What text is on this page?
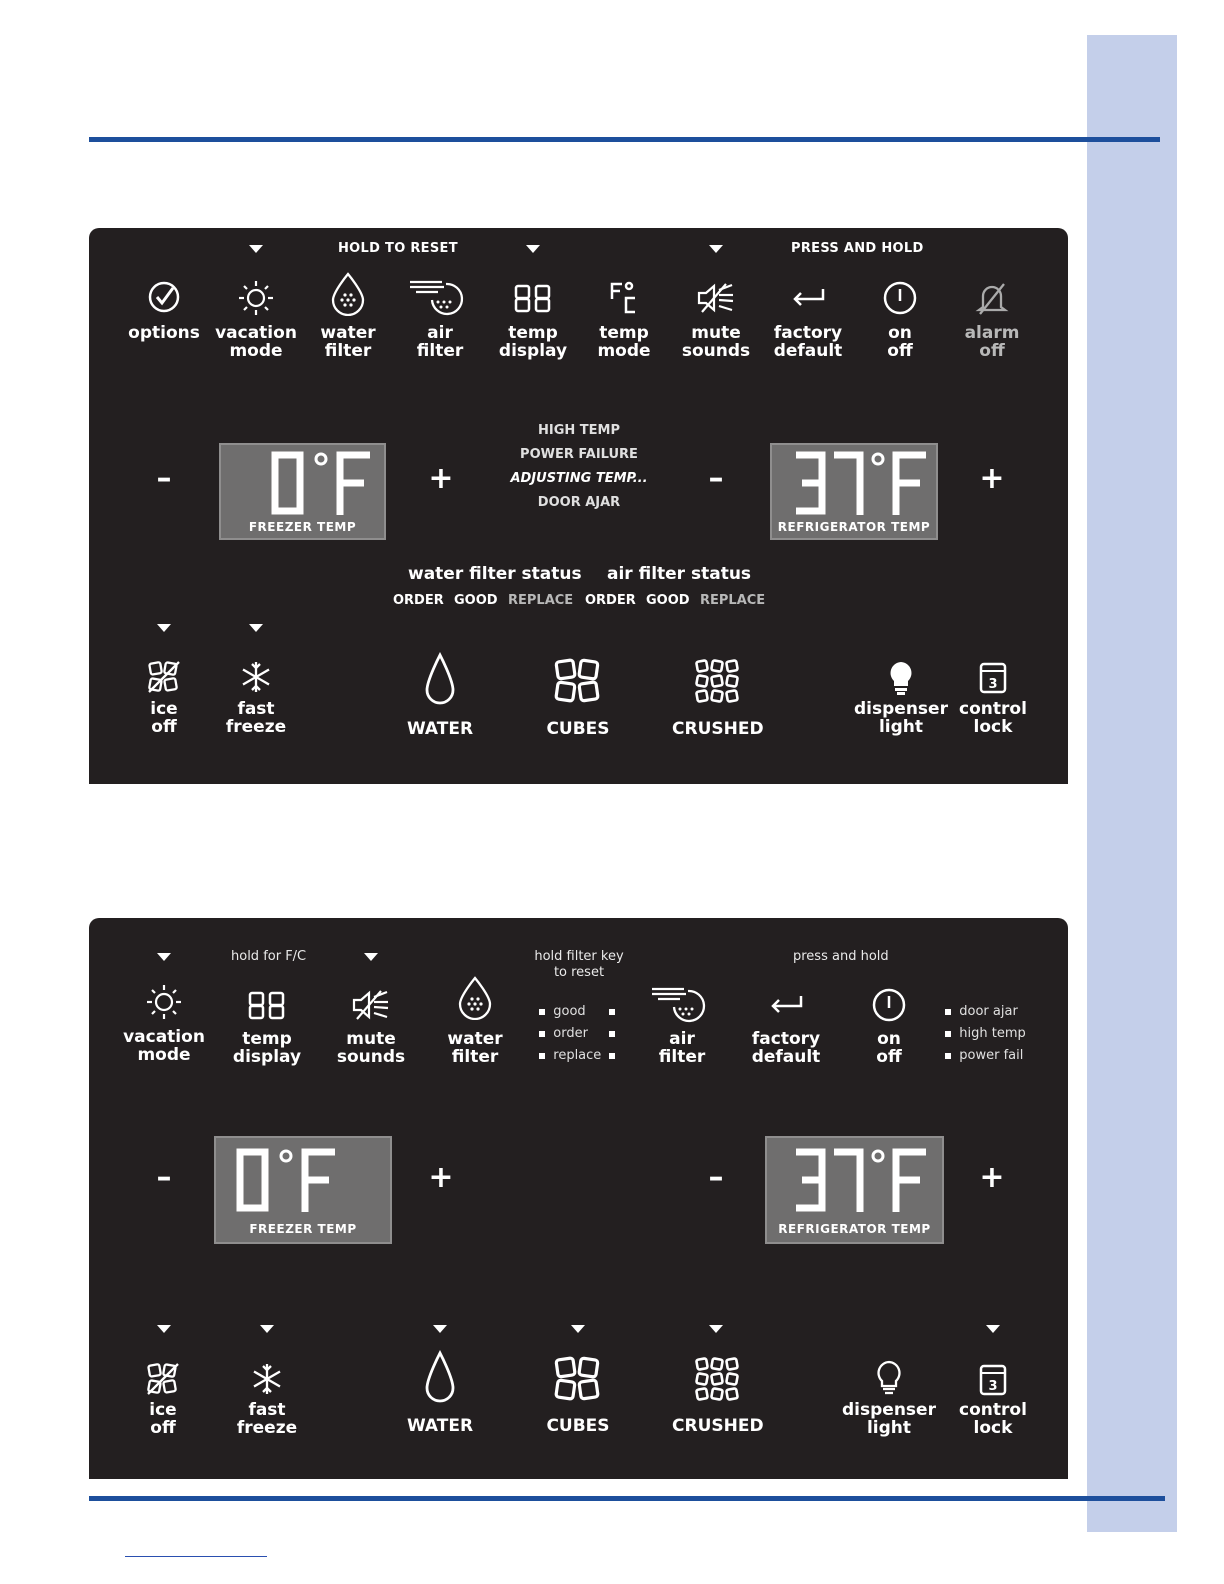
HOLD TO RESET	PRESS AND HOLD
options vacation
mode
water
filter
air
filter
temp
display
temp
mode
mute
sounds
factory
default
on
off
alarm
off
–
FREEZER TEMP
+
HIGH TEMP
POWER FAILURE
ADJUSTING TEMP...
DOOR AJAR
–
REFRIGERATOR TEMP
+
water filter status air filter status
ORDER GOOD REPLACE ORDER GOOD REPLACE
ice
off
fast
freeze	WATER	CUBES	CRUSHED
dispenser
light
3
control
lock
hold for F/C	hold filter key
to reset
press and hold
vacation
mode
temp
display
mute
sounds
water
filter
good
order
replace
air
filter
factory
default
on
off
door ajar
high temp
power fail
–
FREEZER TEMP
+	–
REFRIGERATOR TEMP
+
ice
off
fast
freeze	WATER	CUBES	CRUSHED
dispenser
light
3
control
lock
